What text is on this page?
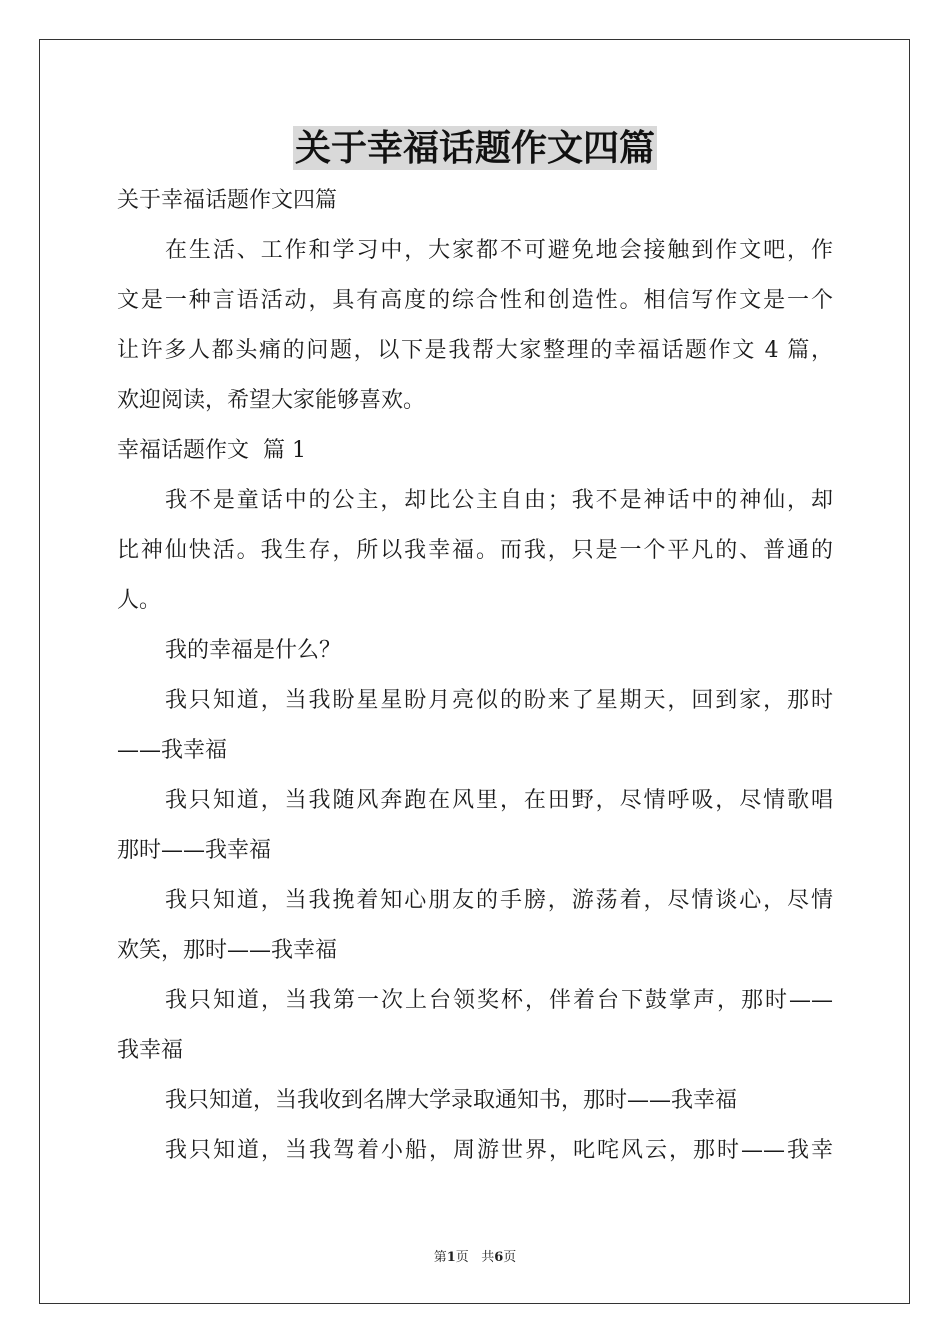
关于幸福话题作文四篇
关于幸福话题作文四篇
在生活、工作和学习中，大家都不可避免地会接触到作文吧，作
文是一种言语活动，具有高度的综合性和创造性。相信写作文是一个
让许多人都头痛的问题，以下是我帮大家整理的幸福话题作文 4 篇，
欢迎阅读，希望大家能够喜欢。
幸福话题作文  篇 1
我不是童话中的公主，却比公主自由；我不是神话中的神仙，却
比神仙快活。我生存，所以我幸福。而我，只是一个平凡的、普通的
人。
我的幸福是什么？
我只知道，当我盼星星盼月亮似的盼来了星期天，回到家，那时
——我幸福
我只知道，当我随风奔跑在风里，在田野，尽情呼吸，尽情歌唱
那时——我幸福
我只知道，当我挽着知心朋友的手膀，游荡着，尽情谈心，尽情
欢笑，那时——我幸福
我只知道，当我第一次上台领奖杯，伴着台下鼓掌声，那时——
我幸福
我只知道，当我收到名牌大学录取通知书，那时——我幸福
我只知道，当我驾着小船，周游世界，叱咤风云，那时——我幸
第1页   共6页
